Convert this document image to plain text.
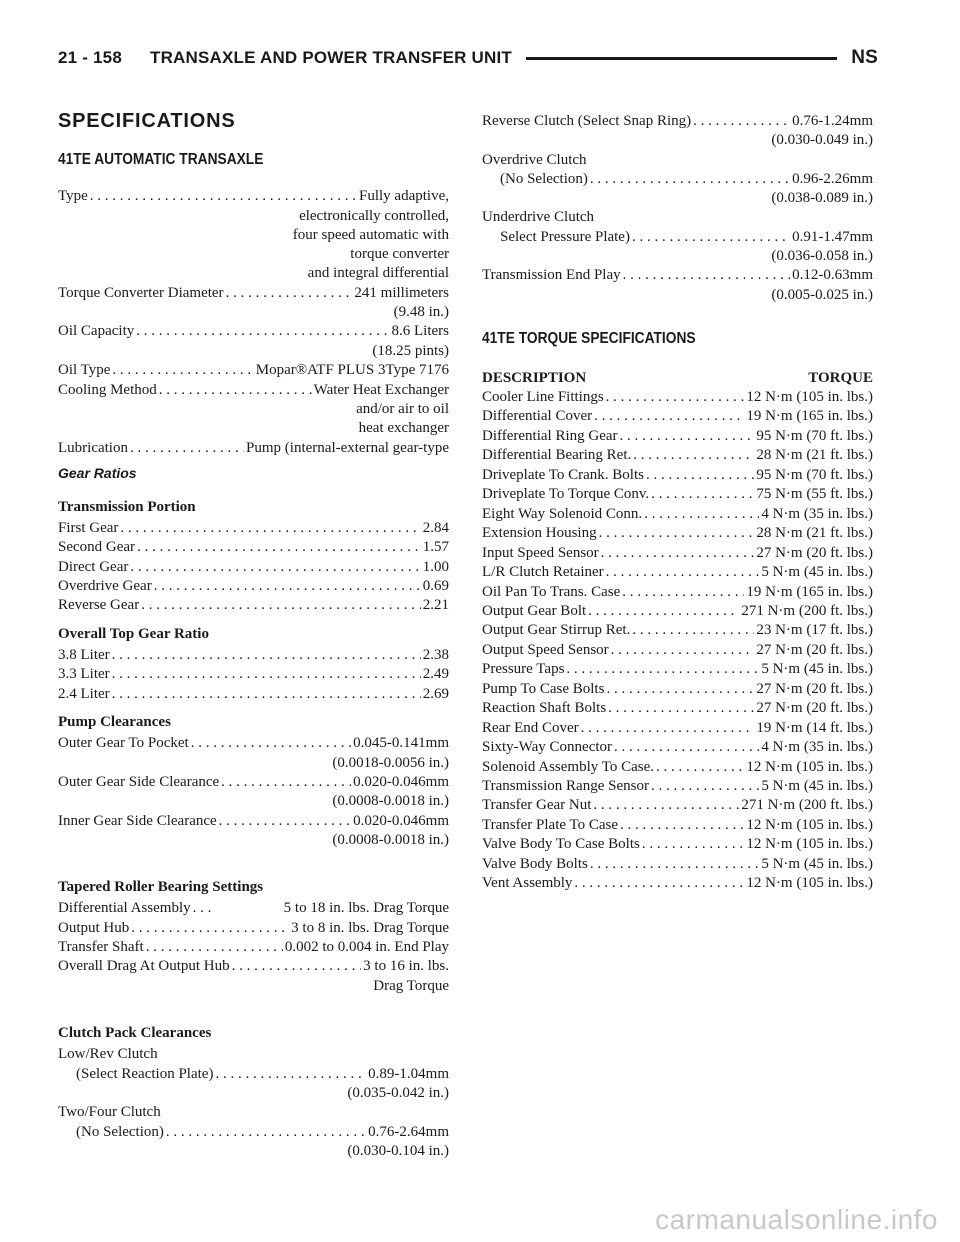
21 - 158 TRANSAXLE AND POWER TRANSFER UNIT	NS
SPECIFICATIONS
41TE AUTOMATIC TRANSAXLE
Type . . .	Fully adaptive,
electronically controlled,
four speed automatic with
torque converter
and integral differential
Torque Converter Diameter . . .	241 millimeters
(9.48 in.)
Oil Capacity . . .	8.6 Liters
(18.25 pints)
Oil Type . . .	Mopar®ATF PLUS 3Type 7176
Cooling Method . . .	Water Heat Exchanger
and/or air to oil
heat exchanger
Lubrication . . .	Pump (internal-external gear-type
Gear Ratios
Transmission Portion
First Gear . . .	2.84
Second Gear . . .	1.57
Direct Gear . . .	1.00
Overdrive Gear . . .	0.69
Reverse Gear . . .	2.21
Overall Top Gear Ratio
3.8 Liter . . .	2.38
3.3 Liter . . .	2.49
2.4 Liter . . .	2.69
Pump Clearances
Outer Gear To Pocket . . .	0.045-0.141mm
(0.0018-0.0056 in.)
Outer Gear Side Clearance . . .	0.020-0.046mm
(0.0008-0.0018 in.)
Inner Gear Side Clearance . . .	0.020-0.046mm
(0.0008-0.0018 in.)
Tapered Roller Bearing Settings
Differential Assembly . . .	5 to 18 in. lbs. Drag Torque
Output Hub . . .	3 to 8 in. lbs. Drag Torque
Transfer Shaft . . .	0.002 to 0.004 in. End Play
Overall Drag At Output Hub . . .	3 to 16 in. lbs.
Drag Torque
Clutch Pack Clearances
Low/Rev Clutch
(Select Reaction Plate) . . .	0.89-1.04mm
(0.035-0.042 in.)
Two/Four Clutch
(No Selection) . . .	0.76-2.64mm
(0.030-0.104 in.)
Reverse Clutch (Select Snap Ring) . . .	0.76-1.24mm
(0.030-0.049 in.)
Overdrive Clutch
(No Selection) . . .	0.96-2.26mm
(0.038-0.089 in.)
Underdrive Clutch
Select Pressure Plate) . . .	0.91-1.47mm
(0.036-0.058 in.)
Transmission End Play . . .	0.12-0.63mm
(0.005-0.025 in.)
41TE TORQUE SPECIFICATIONS
DESCRIPTION	TORQUE
Cooler Line Fittings . . .	12 N·m (105 in. lbs.)
Differential Cover . . .	19 N·m (165 in. lbs.)
Differential Ring Gear . . .	95 N·m (70 ft. lbs.)
Differential Bearing Ret. . . .	28 N·m (21 ft. lbs.)
Driveplate To Crank. Bolts . . .	95 N·m (70 ft. lbs.)
Driveplate To Torque Conv. . . .	75 N·m (55 ft. lbs.)
Eight Way Solenoid Conn. . . .	4 N·m (35 in. lbs.)
Extension Housing . . .	28 N·m (21 ft. lbs.)
Input Speed Sensor . . .	27 N·m (20 ft. lbs.)
L/R Clutch Retainer . . .	5 N·m (45 in. lbs.)
Oil Pan To Trans. Case . . .	19 N·m (165 in. lbs.)
Output Gear Bolt . . .	271 N·m (200 ft. lbs.)
Output Gear Stirrup Ret. . . .	23 N·m (17 ft. lbs.)
Output Speed Sensor . . .	27 N·m (20 ft. lbs.)
Pressure Taps . . .	5 N·m (45 in. lbs.)
Pump To Case Bolts . . .	27 N·m (20 ft. lbs.)
Reaction Shaft Bolts . . .	27 N·m (20 ft. lbs.)
Rear End Cover . . .	19 N·m (14 ft. lbs.)
Sixty-Way Connector . . .	4 N·m (35 in. lbs.)
Solenoid Assembly To Case. . . .	12 N·m (105 in. lbs.)
Transmission Range Sensor . . .	5 N·m (45 in. lbs.)
Transfer Gear Nut . . .	271 N·m (200 ft. lbs.)
Transfer Plate To Case . . .	12 N·m (105 in. lbs.)
Valve Body To Case Bolts . . .	12 N·m (105 in. lbs.)
Valve Body Bolts . . .	5 N·m (45 in. lbs.)
Vent Assembly . . .	12 N·m (105 in. lbs.)
carmanualsonline.info
